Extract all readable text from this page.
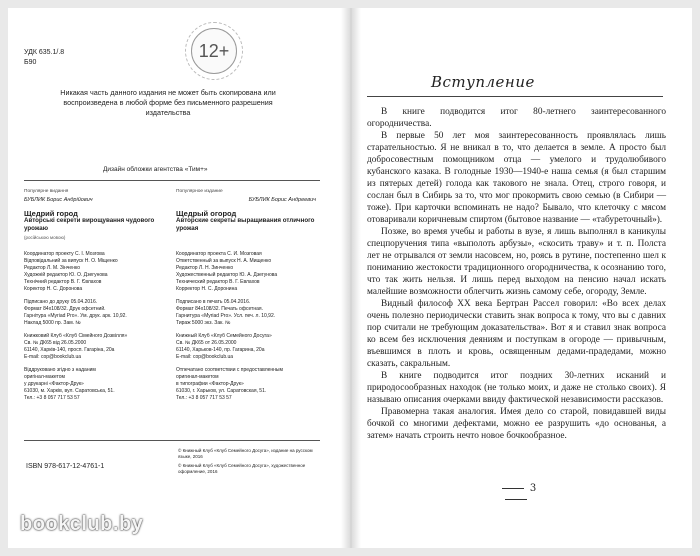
УДК 635.1/.8
Б90
12+
Никакая часть данного издания не может быть скопирована или воспроизведена в любой форме без письменного разрешения издательства
Дизайн обложки агентства «Тим+»
Популярне видання
БУБЛИК Борис Андрійович
Щедрий город
Авторські секрети вирощування чудового урожаю
(російською мовою)
Координатор проекту С. І. Мозгова
Відповідальний за випуск Н. О. Міщенко
Редактор Л. М. Зінченко
Художній редактор Ю. О. Дзегунова
Технічний редактор В. Г. Євлахов
Коректор Н. С. Доронова
Підписано до друку 05.04.2016.
Формат 84х108/32. Друк офсетний.
Гарнітура «Myriad Pro». Ум. друк. арк. 10,92.
Наклад 5000 пр. Зам. №
Книжковий Клуб «Клуб Сімейного Дозвілля»
Св. № ДК65 від 26.05.2000
61140, Харків-140, просп. Гагаріна, 20а
E-mail: cop@bookclub.ua
Віддруковано згідно з наданим
оригінал-макетом
у друкарні «Фактор-Друк»
61030, м. Харків, вул. Саратовська, 51.
Тел.: +3 8 057 717 53 57
Популярное издание
БУБЛИК Борис Андреевич
Щедрый огород
Авторские секреты выращивания отличного урожая

Координатор проекта С. И. Мозговая
Ответственный за выпуск Н. А. Мищенко
Редактор Л. Н. Зинченко
Художественный редактор Ю. А. Дзегунова
Технический редактор В. Г. Евлахов
Корректор Н. С. Доронина
Подписано в печать 05.04.2016.
Формат 84х108/32. Печать офсетная.
Гарнитура «Myriad Pro». Усл. печ. л. 10,92.
Тираж 5000 экз. Зак. №
Книжный Клуб «Клуб Семейного Досуга»
Св. № ДК65 от 26.05.2000
61140, Харьков-140, пр. Гагарина, 20а
E-mail: cop@bookclub.ua
Отпечатано соответствии с предоставленным
оригинал-макетом
в типографии «Фактор-Друк»
61030, г. Харьков, ул. Саратовская, 51.
Тел.: +3 8 057 717 53 57
ISBN 978-617-12-4761-1
© Книжный Клуб «Клуб Семейного Досуга», издание на русском языке, 2016
© Книжный Клуб «Клуб Семейного Досуга», художественное оформление, 2016
Вступление

В книге подводится итог 80-летнего заинтересованного огородничества.

В первые 50 лет моя заинтересованность проявлялась лишь старательностью. Я не вникал в то, что делается в земле. А просто был добросовестным помощником отца — умелого и трудолюбивого кубанского казака. В голодные 1930—1940-е наша семья (я был старшим из пятерых детей) голода как такового не знала. Отец, строго говоря, и сослан был в Сибирь за то, что мог прокормить свою семью (в Сибири — тоже). При карточки вспоминать не надо? Бывало, что клеточку с мясом отоваривали коричневым спиртом (бытовое название — «табуреточный»).

Позже, во время учебы и работы в вузе, я лишь выполнял в каникулы спецпоручения типа «выполоть арбузы», «скосить траву» и т. п. Полста лет не отрывался от земли насовсем, но, роясь в рутине, постепенно шел к пониманию жестокости традиционного огородничества, к осознанию того, что так жить нельзя. И лишь перед выходом на пенсию начал искать малейшие возможности облегчить жизнь самому себе, огороду, Земле.

Видный философ XX века Бертран Рассел говорил: «Во всех делах очень полезно периодически ставить знак вопроса к тому, что вы с давних пор считали не требующим доказательства». Вот я и ставил знак вопроса ко всем без исключения деяниям и поступкам в огороде — привычным, въевшимся в плоть и кровь, освященным дедами-прадедами, можно сказать, сакральным.

В книге подводится итог поздних 30-летних исканий и природосообразных находок (не только моих, и даже не столько своих). Я называю описания очерками ввиду фактической независимости рассказов.

Правомерна такая аналогия. Имея дело со старой, повидавшей виды бочкой со многими дефектами, можно ее разрушить «до основанья, а затем» начать строить нечто новое бочкообразное.

3
bookclub.by
